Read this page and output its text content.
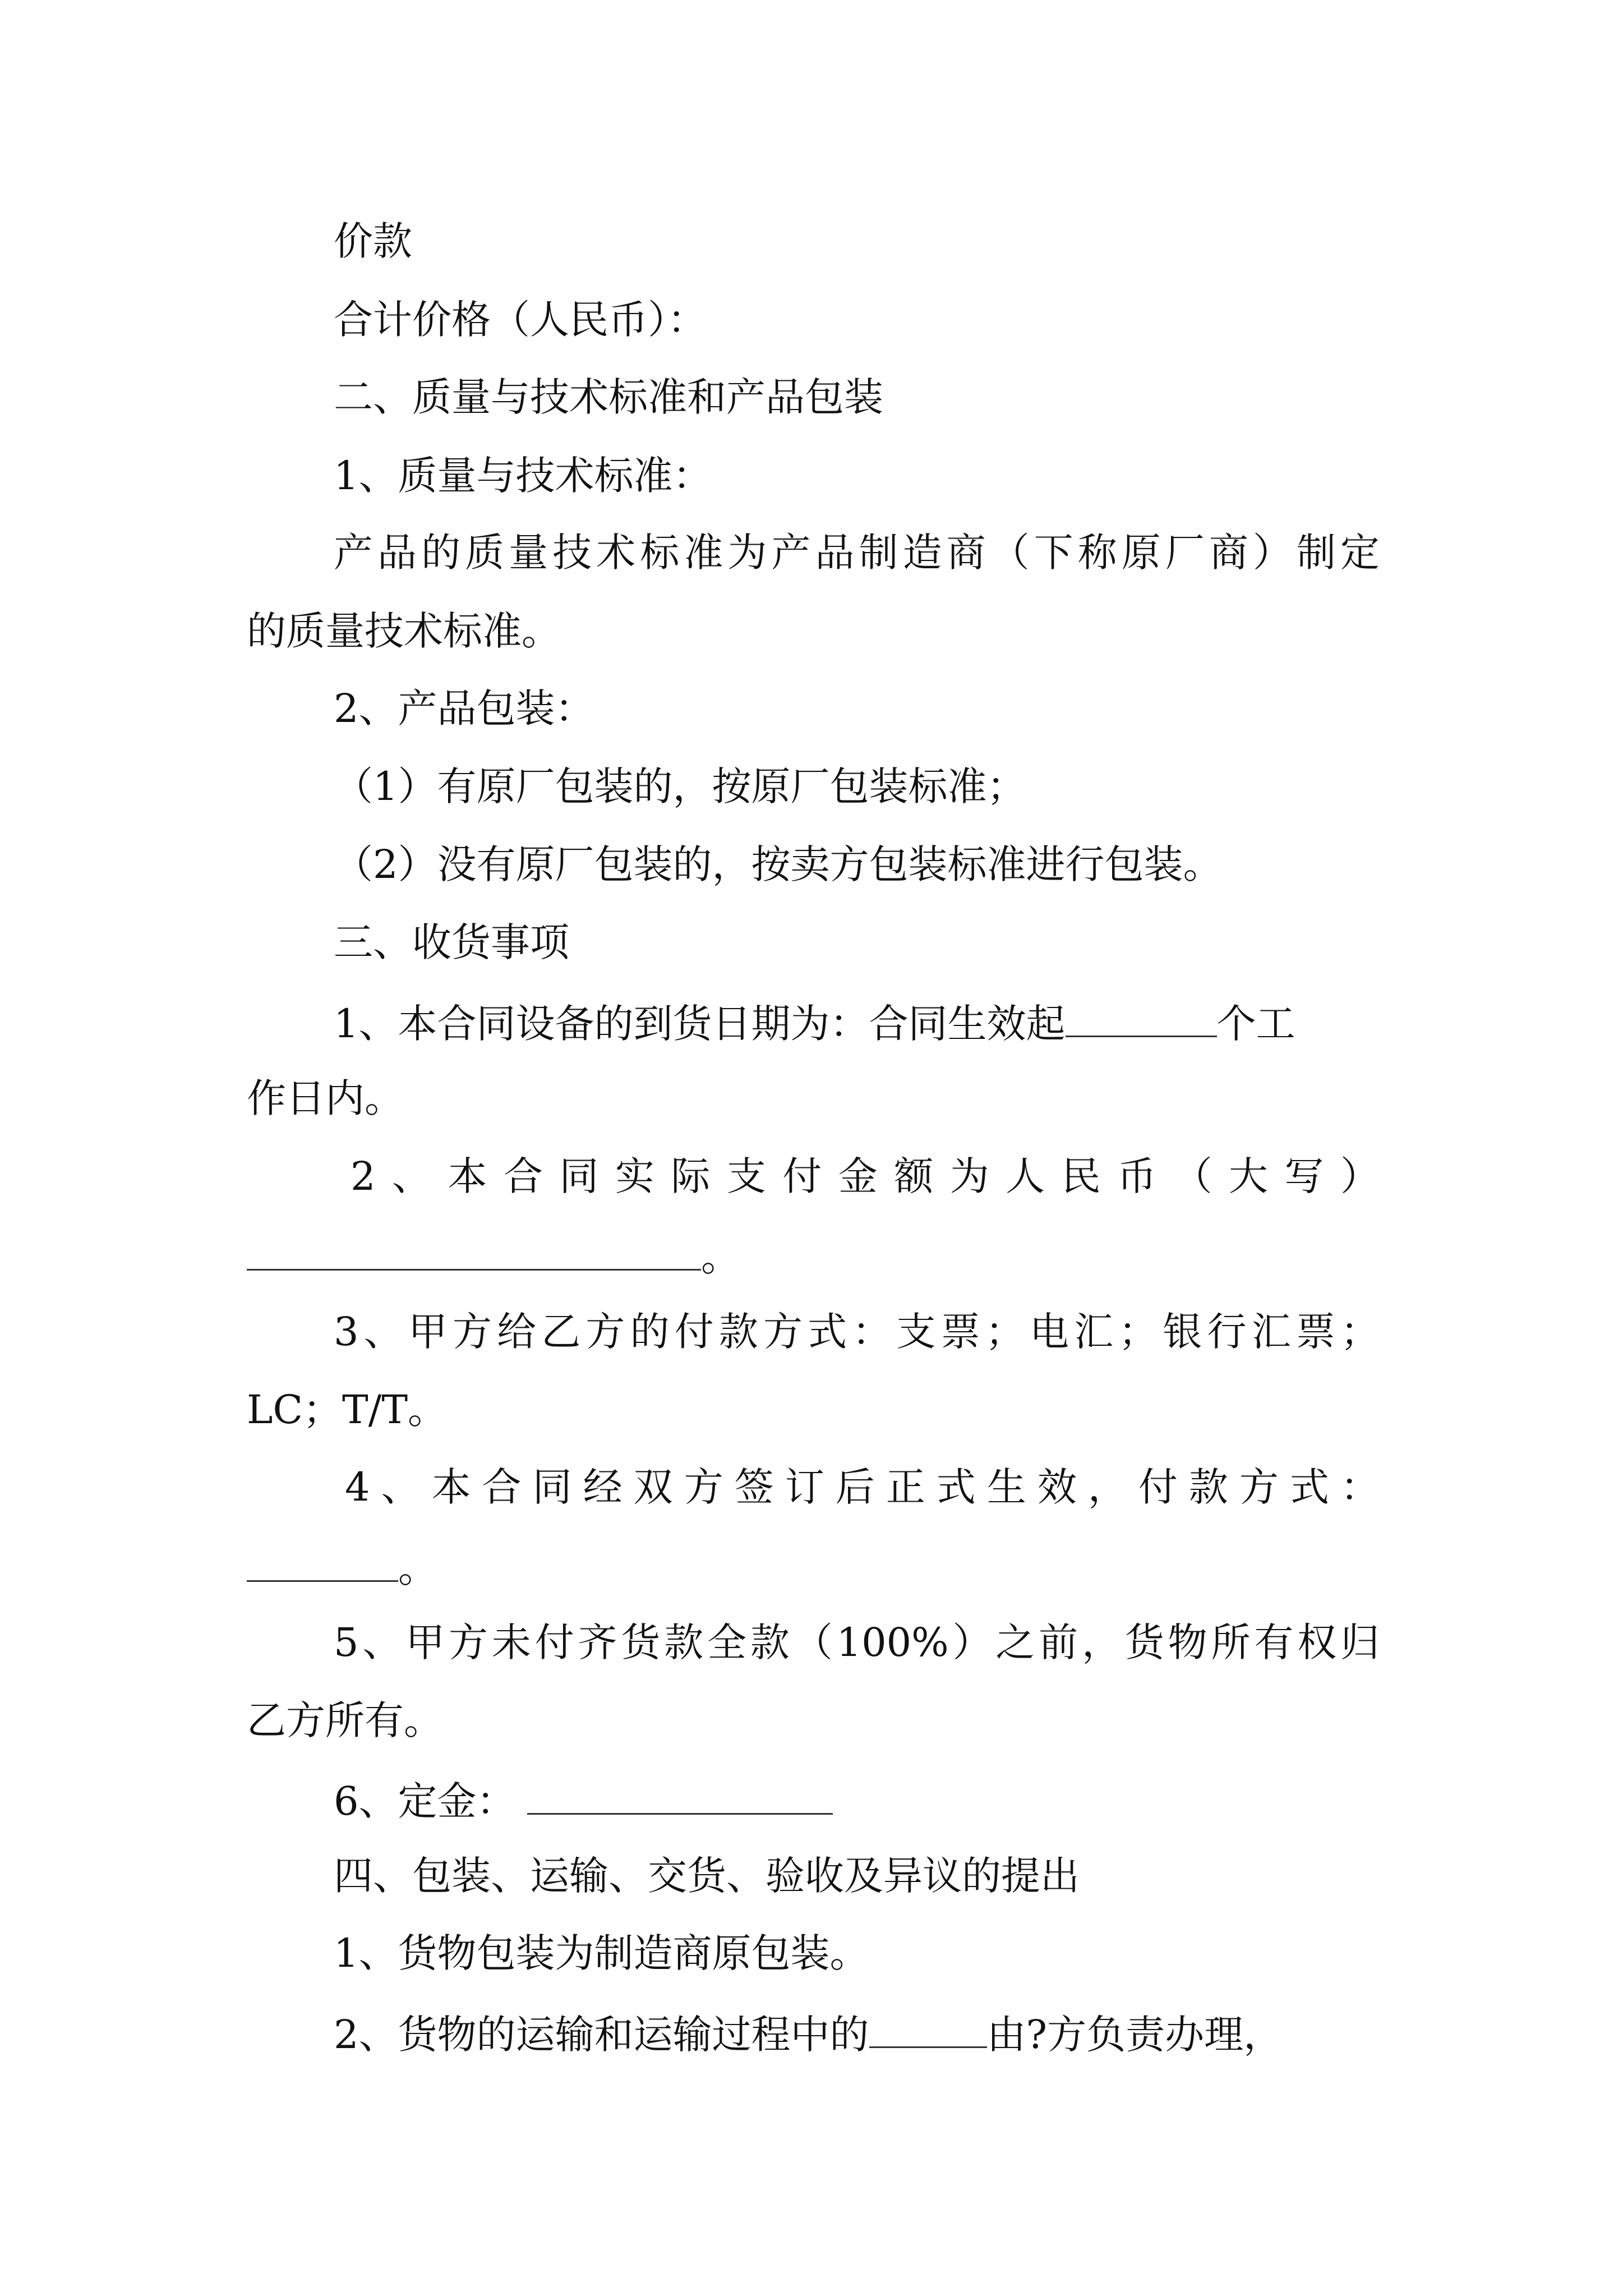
价款
合计价格（人民币）：
二、质量与技术标准和产品包装
1、质量与技术标准：
产品的质量技术标准为产品制造商（下称原厂商）制定
的质量技术标准。
2、产品包装：
（1）有原厂包装的，按原厂包装标准；
（2）没有原厂包装的，按卖方包装标准进行包装。
三、收货事项
1、本合同设备的到货日期为：合同生效起	个工
作日内。
2、本合同实际支付金额为人民币（大写）
。
3、甲方给乙方的付款方式：支票；电汇；银行汇票；
LC；T/T。
4、本合同经双方签订后正式生效，付款方式：
。
5、甲方未付齐货款全款（100%）之前，货物所有权归
乙方所有。
6、定金：
四、包装、运输、交货、验收及异议的提出
1、货物包装为制造商原包装。
2、货物的运输和运输过程中的	由?方负责办理，
